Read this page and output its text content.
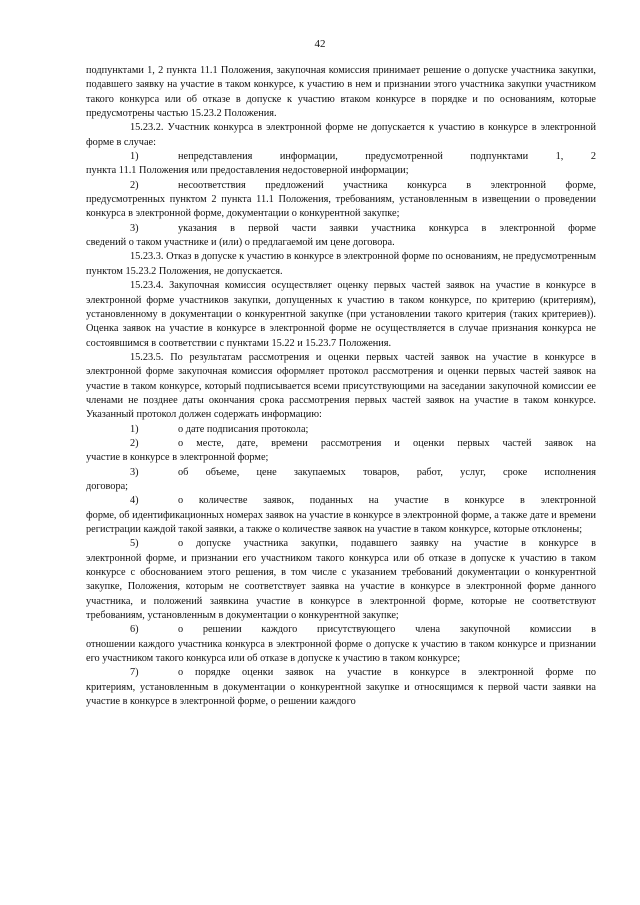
42

подпунктами 1, 2 пункта 11.1 Положения, закупочная комиссия принимает решение о допуске участника закупки, подавшего заявку на участие в таком конкурсе, к участию в нем и признании этого участника закупки участником такого конкурса или об отказе в допуске к участию втаком конкурсе в порядке и по основаниям, которые предусмотрены частью 15.23.2 Положения.

15.23.2. Участник конкурса в электронной форме не допускается к участию в конкурсе в электронной форме в случае:

1)	непредставления информации, предусмотренной подпунктами 1, 2

пункта 11.1 Положения или предоставления недостоверной информации;

2)	несоответствия предложений участника конкурса в электронной форме,

предусмотренных пунктом 2 пункта 11.1 Положения, требованиям, установленным в извещении о проведении конкурса в электронной форме, документации о конкурентной закупке;

3)	указания в первой части заявки участника конкурса в электронной форме

сведений о таком участнике и (или) о предлагаемой им цене договора.

15.23.3. Отказ в допуске к участию в конкурсе в электронной форме по основаниям, не предусмотренным пунктом 15.23.2 Положения, не допускается.

15.23.4. Закупочная комиссия осуществляет оценку первых частей заявок на участие в конкурсе в электронной форме участников закупки, допущенных к участию в таком конкурсе, по критерию (критериям), установленному в документации о конкурентной закупке (при установлении такого критерия (таких критериев)). Оценка заявок на участие в конкурсе в электронной форме не осуществляется в случае признания конкурса не состоявшимся в соответствии с пунктами 15.22 и 15.23.7 Положения.

15.23.5. По результатам рассмотрения и оценки первых частей заявок на участие в конкурсе в электронной форме закупочная комиссия оформляет протокол рассмотрения и оценки первых частей заявок на участие в таком конкурсе, который подписывается всеми присутствующими на заседании закупочной комиссии ее членами не позднее даты окончания срока рассмотрения первых частей заявок на участие в таком конкурсе. Указанный протокол должен содержать информацию:

1)	о дате подписания протокола;
2)	о месте, дате, времени рассмотрения и оценки первых частей заявок на

участие в конкурсе в электронной форме;

3)	об объеме, цене закупаемых товаров, работ, услуг, сроке исполнения

договора;

4)	о количестве заявок, поданных на участие в конкурсе в электронной

форме, об идентификационных номерах заявок на участие в конкурсе в электронной форме, а также дате и времени регистрации каждой такой заявки, а также о количестве заявок на участие в таком конкурсе, которые отклонены;

5)	о допуске участника закупки, подавшего заявку на участие в конкурсе в

электронной форме, и признании его участником такого конкурса или об отказе в допуске к участию в таком конкурсе с обоснованием этого решения, в том числе с указанием требований документации о конкурентной закупке, Положения, которым не соответствует заявка на участие в конкурсе в электронной форме данного участника, и положений заявкина участие в конкурсе в электронной форме, которые не соответствуют требованиям, установленным в документации о конкурентной закупке;

6)	о решении каждого присутствующего члена закупочной комиссии в

отношении каждого участника конкурса в электронной форме о допуске к участию в таком конкурсе и признании его участником такого конкурса или об отказе в допуске к участию в таком конкурсе;

7)	о порядке оценки заявок на участие в конкурсе в электронной форме по

критериям, установленным в документации о конкурентной закупке и относящимся к первой части заявки на участие в конкурсе в электронной форме, о решении каждого
